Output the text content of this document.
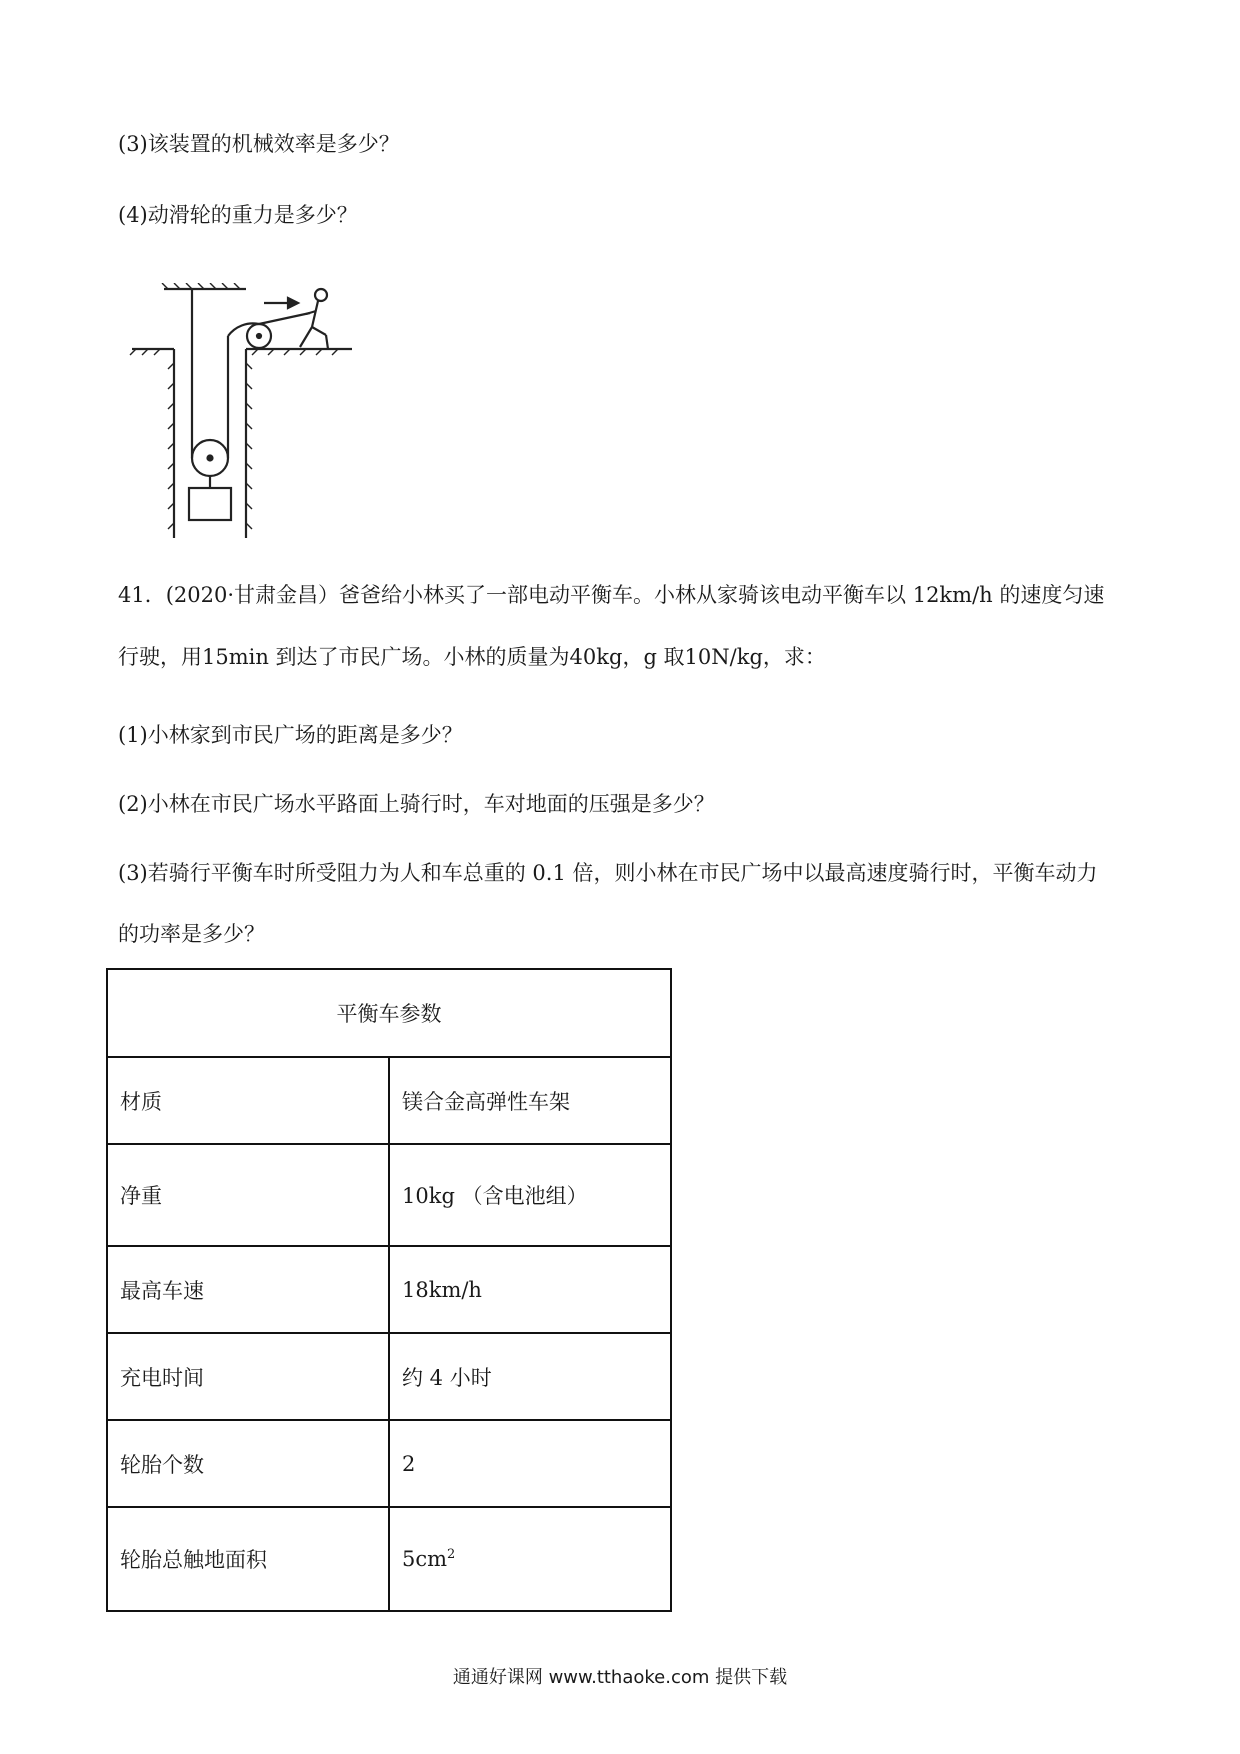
(3)该装置的机械效率是多少？
(4)动滑轮的重力是多少？
41．(2020·甘肃金昌）爸爸给小林买了一部电动平衡车。小林从家骑该电动平衡车以 12km/h 的速度匀速
行驶，用15min 到达了市民广场。小林的质量为40kg，g 取10N/kg，求：
(1)小林家到市民广场的距离是多少？
(2)小林在市民广场水平路面上骑行时，车对地面的压强是多少？
(3)若骑行平衡车时所受阻力为人和车总重的 0.1 倍，则小林在市民广场中以最高速度骑行时，平衡车动力
的功率是多少？
平衡车参数	
材质	镁合金高弹性车架
净重	10kg （含电池组）
最高车速	18km/h
充电时间	约 4 小时
轮胎个数	2
轮胎总触地面积	$5cm^2$
通通好课网 www.tthaoke.com 提供下载
